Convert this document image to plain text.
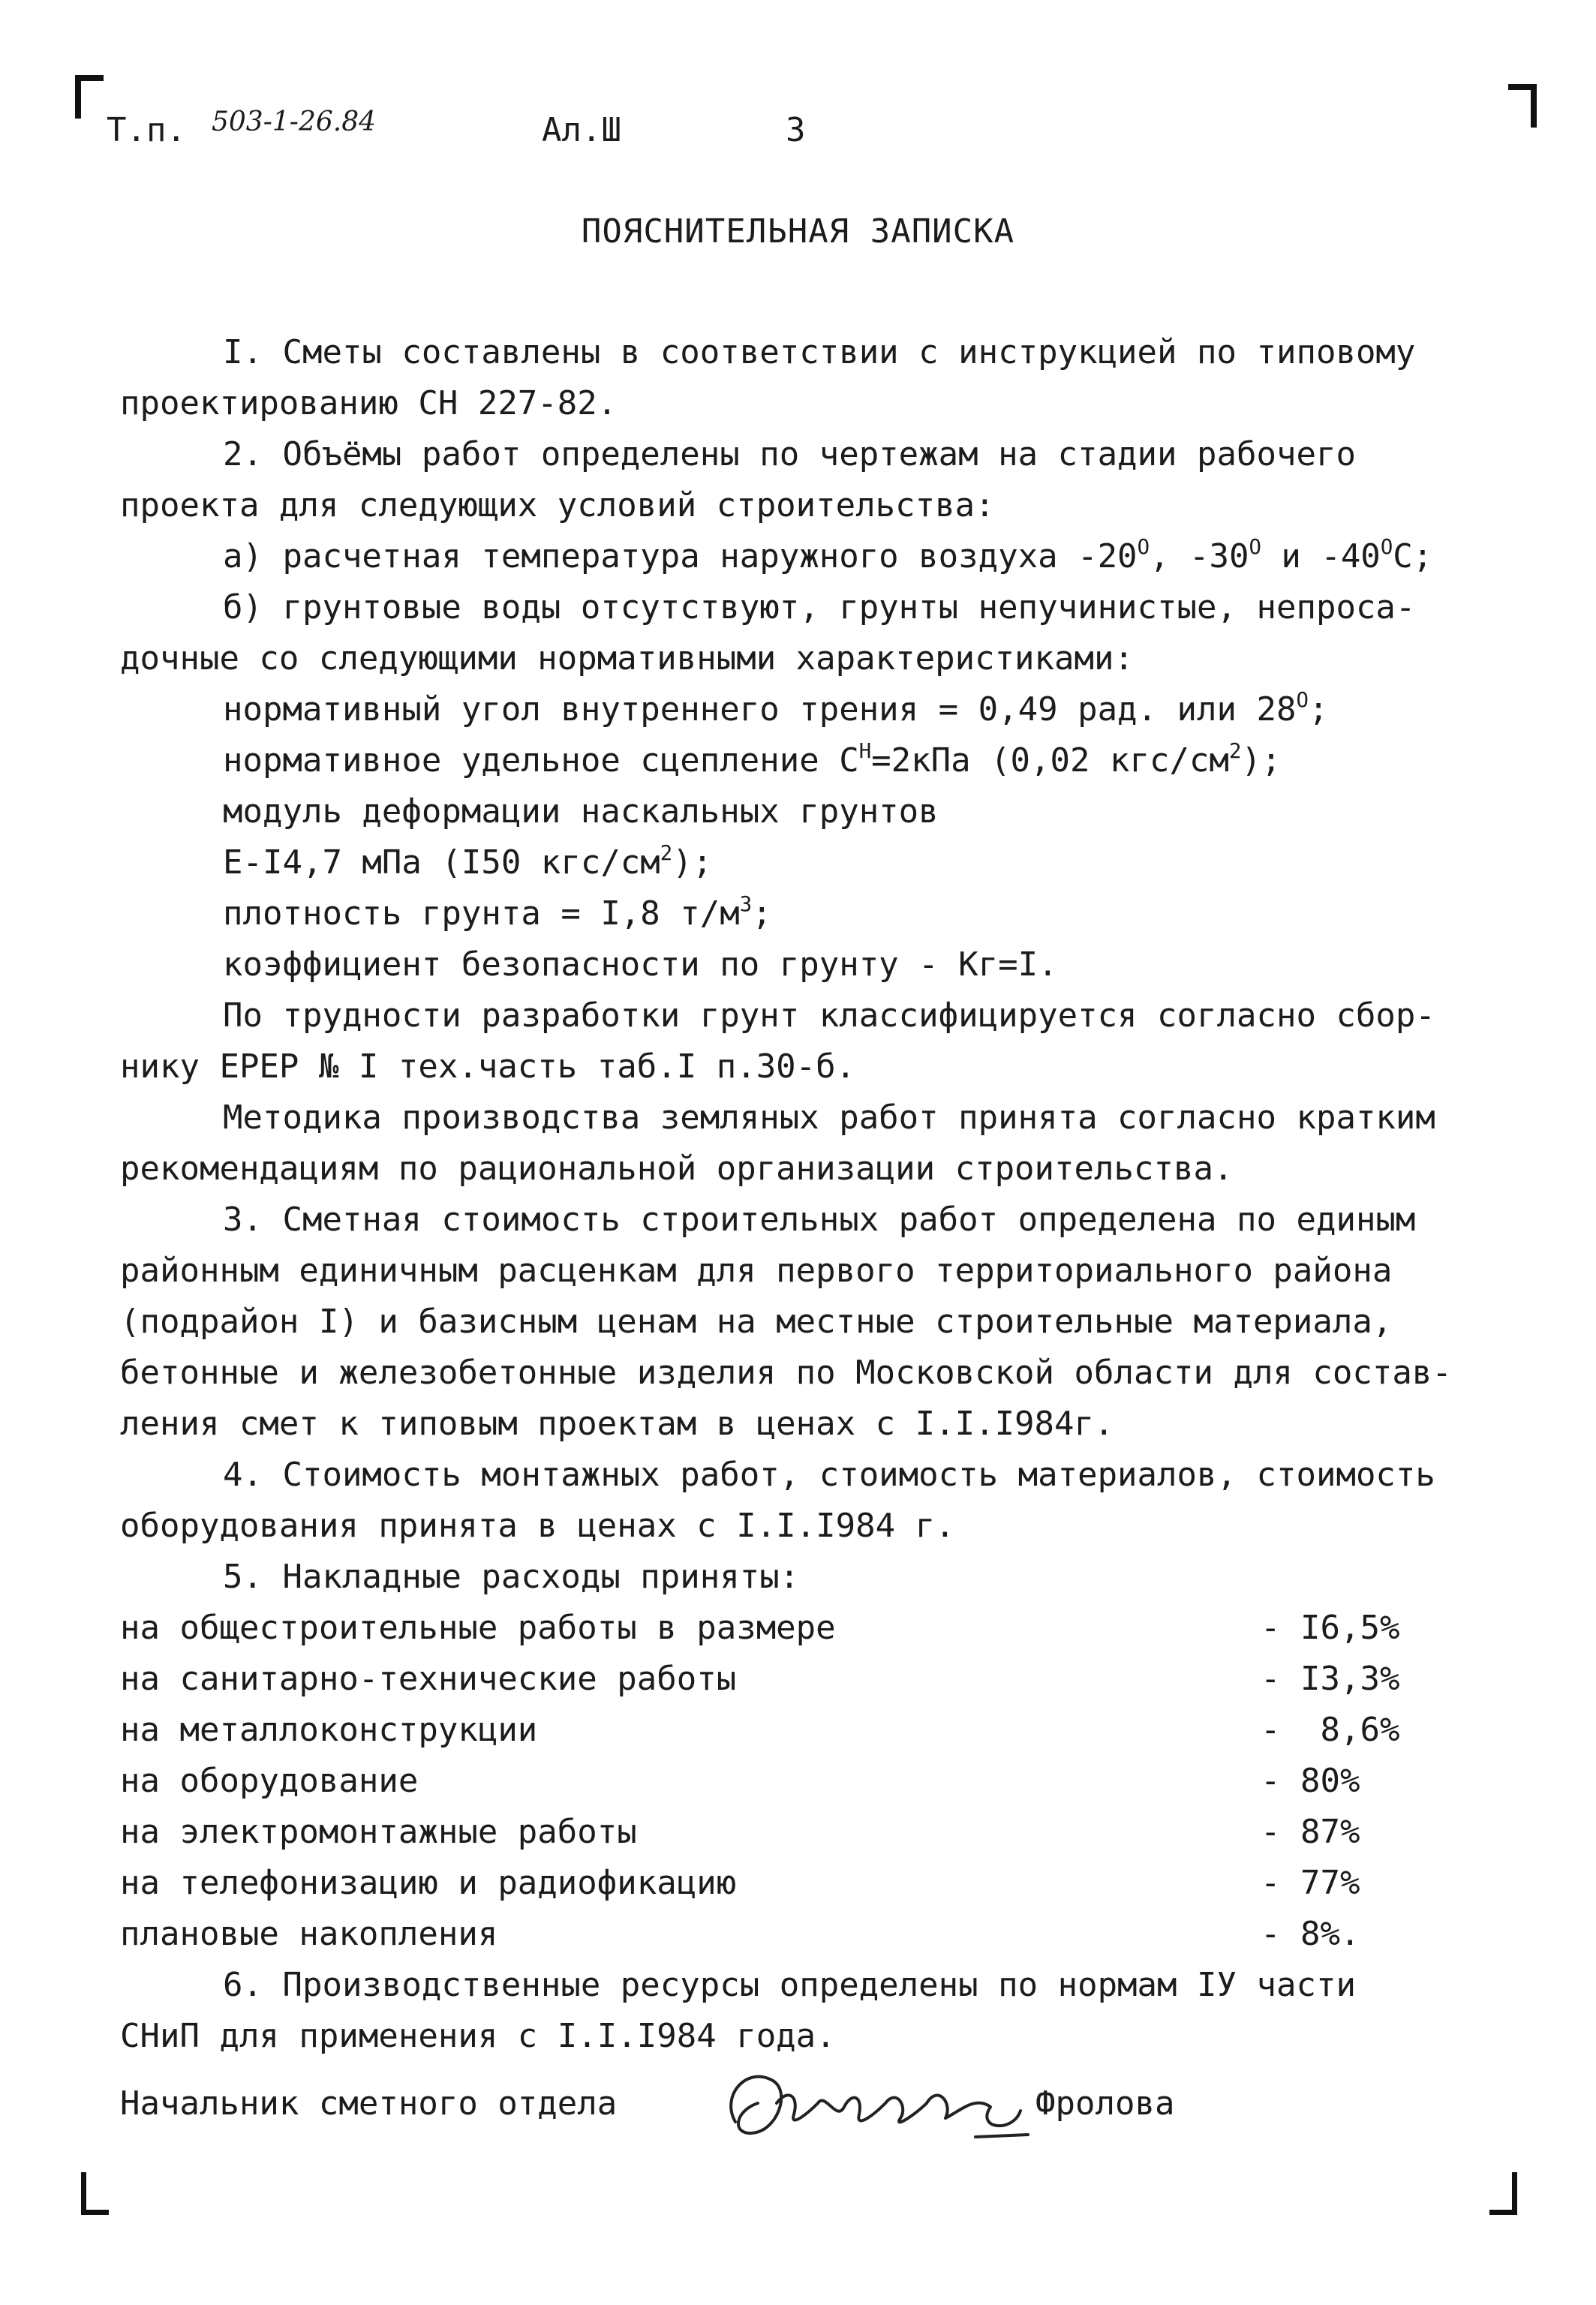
Т.п. 503-1-26.84	Ал.Ш	3
ПОЯСНИТЕЛЬНАЯ ЗАПИСКА
I. Сметы составлены в соответствии с инструкцией по типовому
проектированию СН 227-82.
2. Объёмы работ определены по чертежам на стадии рабочего
проекта для следующих условий строительства:
а) расчетная температура наружного воздуха $-20^O$, $-30^O$ и $-40^OC$;
б) грунтовые воды отсутствуют, грунты непучинистые, непроса-
дочные со следующими нормативными характеристиками:
нормативный угол внутреннего трения = 0,49 рад. или $28^O$;
нормативное удельное сцепление $С^Н=2кПа$ (0,02 кгс/$см^2$);
модуль деформации наскальных грунтов
Е-I4,7 мПа (I50 кгс/$см^2$);
плотность грунта = I,8 $т/м^3$;
коэффициент безопасности по грунту - Кг=I.
По трудности разработки грунт классифицируется согласно сбор-
нику ЕРЕР № I тех.часть таб.I п.30-б.
Методика производства земляных работ принята согласно кратким
рекомендациям по рациональной организации строительства.
3. Сметная стоимость строительных работ определена по единым
районным единичным расценкам для первого территориального района
(подрайон I) и базисным ценам на местные строительные материала,
бетонные и железобетонные изделия по Московской области для состав-
ления смет к типовым проектам в ценах с I.I.I984г.
4. Стоимость монтажных работ, стоимость материалов, стоимость
оборудования принята в ценах с I.I.I984 г.
5. Накладные расходы приняты:
на общестроительные работы в размере	- I6,5%
на санитарно-технические работы	- I3,3%
на металлоконструкции	-  8,6%
на оборудование	- 80%
на электромонтажные работы	- 87%
на телефонизацию и радиофикацию	- 77%
плановые накопления	- 8%.
6. Производственные ресурсы определены по нормам IУ части
СНиП для применения с I.I.I984 года.
Начальник сметного отдела	Фролова
